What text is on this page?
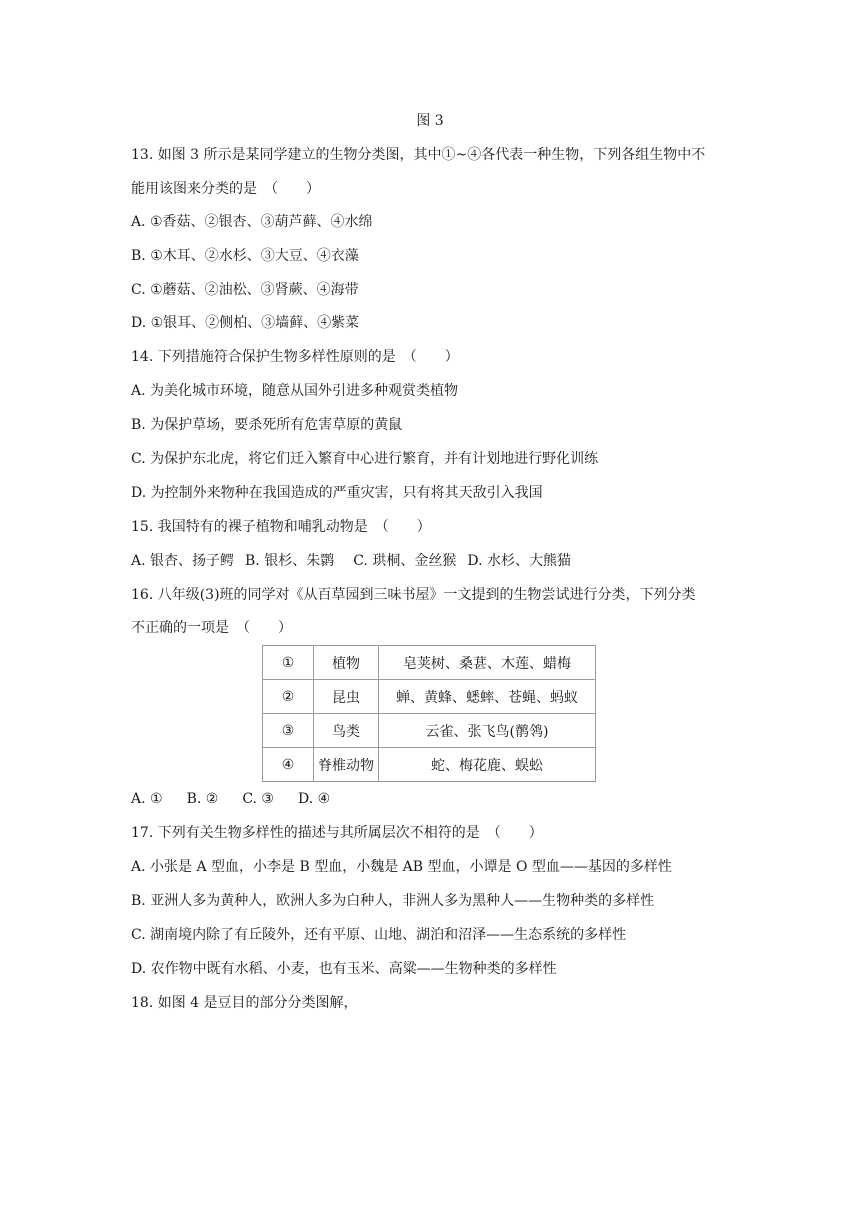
图 3
13. 如图 3 所示是某同学建立的生物分类图，其中①~④各代表一种生物，下列各组生物中不
能用该图来分类的是　（　　）
A. ①香菇、②银杏、③葫芦藓、④水绵
B. ①木耳、②水杉、③大豆、④衣藻
C. ①蘑菇、②油松、③肾蕨、④海带
D. ①银耳、②侧柏、③墙藓、④紫菜
14. 下列措施符合保护生物多样性原则的是　（　　）
A. 为美化城市环境，随意从国外引进多种观赏类植物
B. 为保护草场，要杀死所有危害草原的黄鼠
C. 为保护东北虎，将它们迁入繁育中心进行繁育，并有计划地进行野化训练
D. 为控制外来物种在我国造成的严重灾害，只有将其天敌引入我国
15. 我国特有的裸子植物和哺乳动物是　（　　）
A. 银杏、扬子鳄 B. 银杉、朱鹮 C. 珙桐、金丝猴 D. 水杉、大熊猫
16. 八年级(3)班的同学对《从百草园到三味书屋》一文提到的生物尝试进行分类，下列分类
不正确的一项是　（　　）
①	植物	皂荚树、桑葚、木莲、蜡梅
②	昆虫	蝉、黄蜂、蟋蟀、苍蝇、蚂蚁
③	鸟类	云雀、张飞鸟(鹡鸰)
④	脊椎动物	蛇、梅花鹿、蜈蚣
A. ① B. ② C. ③ D. ④
17. 下列有关生物多样性的描述与其所属层次不相符的是　（　　）
A. 小张是 A 型血，小李是 B 型血，小魏是 AB 型血，小谭是 O 型血——基因的多样性
B. 亚洲人多为黄种人，欧洲人多为白种人，非洲人多为黑种人——生物种类的多样性
C. 湖南境内除了有丘陵外，还有平原、山地、湖泊和沼泽——生态系统的多样性
D. 农作物中既有水稻、小麦，也有玉米、高粱——生物种类的多样性
18. 如图 4 是豆目的部分分类图解，
